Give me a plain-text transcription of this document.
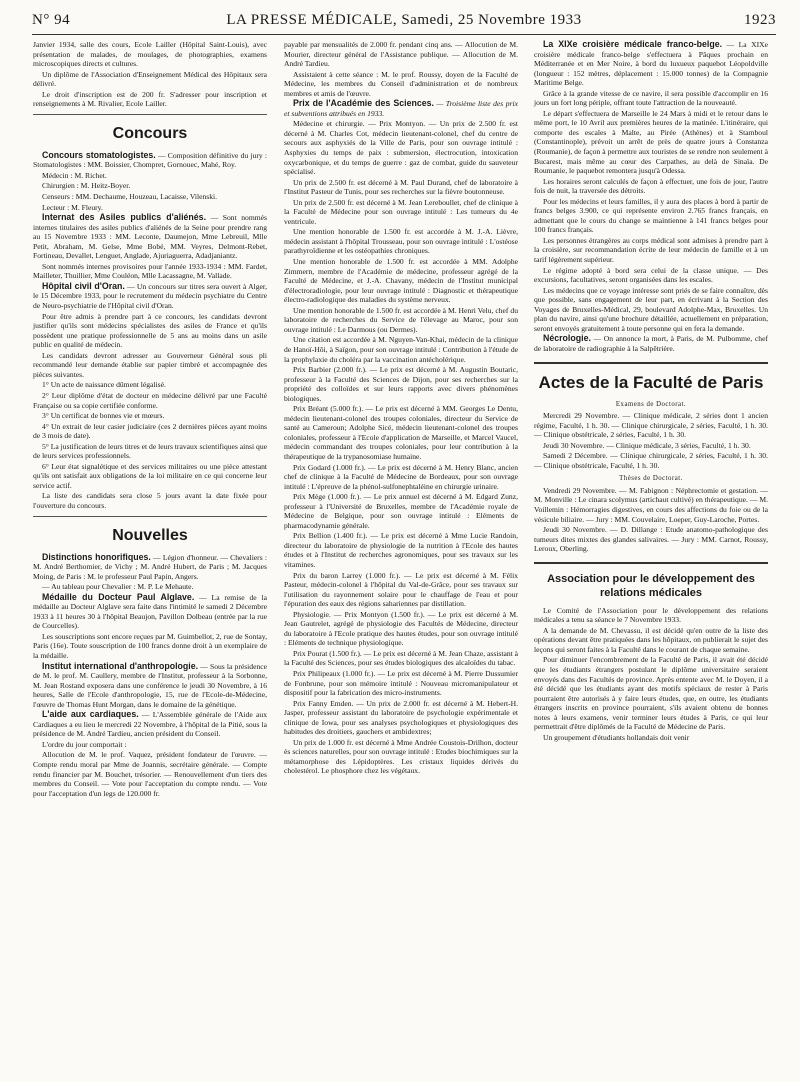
N° 94	LA PRESSE MÉDICALE, Samedi, 25 Novembre 1933	1923

Janvier 1934, salle des cours, Ecole Lailler (Hôpital Saint-Louis), avec présentation de malades, de moulages, de photographies, examens microscopiques directs et cultures.

Un diplôme de l'Association d'Enseignement Médical des Hôpitaux sera délivré.

Le droit d'inscription est de 200 fr. S'adresser pour inscription et renseignements à M. Rivalier, Ecole Lailler.

Concours

Concours stomatologistes. — Composition définitive du jury : Stomatologistes : MM. Boissier, Chompret, Gornouec, Mahé, Roy.

Médecin : M. Richet.

Chirurgien : M. Heitz-Boyer.

Censeurs : MM. Dechaume, Houzeau, Lacaisse, Vilenski.

Lecteur : M. Fleury.

Internat des Asiles publics d'aliénés. — Sont nommés internes titulaires des asiles publics d'aliénés de la Seine pour prendre rang au 15 Novembre 1933 : MM. Leconte, Daumejon, Mme Lebreuil, Mlle Petit, Abraham, M. Gelse, Mme Bobé, MM. Veyres, Delmont-Rebet, Fortineau, Devallet, Lenguet, Anglade, Ajuriaguerra, Adadjaniantz.

Sont nommés internes provisoires pour l'année 1933-1934 : MM. Fardet, Mailleter, Thuillier, Mme Couléon, Mlle Lacassagne, M. Vallade.

Hôpital civil d'Oran. — Un concours sur titres sera ouvert à Alger, le 15 Décembre 1933, pour le recrutement du médecin psychiatre du Centre de Neuro-psychiatrie de l'Hôpital civil d'Oran.

Pour être admis à prendre part à ce concours, les candidats devront justifier qu'ils sont médecins spécialistes des asiles de France et qu'ils possèdent une pratique professionnelle de 5 ans au moins dans un asile public en qualité de médecin.

Les candidats devront adresser au Gouverneur Général sous pli recommandé leur demande établie sur papier timbré et accompagnée des pièces suivantes.

1° Un acte de naissance dûment légalisé.

2° Leur diplôme d'état de docteur en médecine délivré par une Faculté Française ou sa copie certifiée conforme.

3° Un certificat de bonnes vie et mœurs.

4° Un extrait de leur casier judiciaire (ces 2 dernières pièces ayant moins de 3 mois de date).

5° La justification de leurs titres et de leurs travaux scientifiques ainsi que de leurs services professionnels.

6° Leur état signalétique et des services militaires ou une pièce attestant qu'ils ont satisfait aux obligations de la loi militaire en ce qui concerne leur service actif.

La liste des candidats sera close 5 jours avant la date fixée pour l'ouverture du concours.

Nouvelles

Distinctions honorifiques. — Légion d'honneur. — Chevaliers : M. André Berthomier, de Vichy ; M. André Hubert, de Paris ; M. Jacques Moing, de Paris : M. le professeur Paul Papin, Angers.

— Au tableau pour Chevalier : M. P. Le Mehaute.

Médaille du Docteur Paul Alglave. — La remise de la médaille au Docteur Alglave sera faite dans l'intimité le samedi 2 Décembre 1933 à 11 heures 30 à l'hôpital Beaujon, Pavillon Dolbeau (entrée par la rue de Courcelles).

Les souscriptions sont encore reçues par M. Guimbellot, 2, rue de Sontay, Paris (16e). Toute souscription de 100 francs donne droit à un exemplaire de la médaille.

Institut international d'anthropologie. — Sous la présidence de M. le prof. M. Caullery, membre de l'Institut, professeur à la Sorbonne, M. Jean Rostand exposera dans une conférence le jeudi 30 Novembre, à 16 heures, Salle de l'Ecole d'anthropologie, 15, rue de l'Ecole-de-Médecine, l'œuvre de Thomas Hunt Morgan, dans le domaine de la génétique.

L'aide aux cardiaques. — L'Assemblée générale de l'Aide aux Cardiaques a eu lieu le mercredi 22 Novembre, à l'hôpital de la Pitié, sous la présidence de M. André Tardieu, ancien président du Conseil.

L'ordre du jour comportait :

Allocution de M. le prof. Vaquez, président fondateur de l'œuvre. — Compte rendu moral par Mme de Joannis, secrétaire générale. — Compte rendu financier par M. Bouchet, trésorier. — Renouvellement d'un tiers des membres du Conseil. — Vote pour l'acceptation du compte rendu. — Vote pour l'acceptation d'un legs de 120.000 fr.

payable par mensualités de 2.000 fr. pendant cinq ans. — Allocution de M. Mourier, directeur général de l'Assistance publique. — Allocution de M. André Tardieu.

Assistaient à cette séance : M. le prof. Roussy, doyen de la Faculté de Médecine, les membres du Conseil d'administration et de nombreux membres et amis de l'œuvre.

Prix de l'Académie des Sciences. — Troisième liste des prix et subventions attribués en 1933.

Médecine et chirurgie. — Prix Montyon. — Un prix de 2.500 fr. est décerné à M. Charles Cot, médecin lieutenant-colonel, chef du centre de secours aux asphyxiés de la Ville de Paris, pour son ouvrage intitulé : Asphyxies du temps de paix : submersion, électrocution, intoxication oxycarbonique, et du temps de guerre : gaz de combat, guide du sauveteur spécialisé.

Un prix de 2.500 fr. est décerné à M. Paul Durand, chef de laboratoire à l'Institut Pasteur de Tunis, pour ses recherches sur la fièvre boutonneuse.

Un prix de 2.500 fr. est décerné à M. Jean Lereboullet, chef de clinique à la Faculté de Médecine pour son ouvrage intitulé : Les tumeurs du 4e ventricule.

Une mention honorable de 1.500 fr. est accordée à M. J.-A. Lièvre, médecin assistant à l'hôpital Trousseau, pour son ouvrage intitulé : L'ostéose parathyroïdienne et les ostéopathies chroniques.

Une mention honorable de 1.500 fr. est accordée à MM. Adolphe Zimmern, membre de l'Académie de médecine, professeur agrégé de la Faculté de Médecine, et J.-A. Chavany, médecin de l'Institut municipal d'électroradiologie, pour leur ouvrage intitulé : Diagnostic et thérapeutique électro-radiologique des maladies du système nerveux.

Une mention honorable de 1.500 fr. est accordée à M. Henri Velu, chef du laboratoire de recherches du Service de l'élevage au Maroc, pour son ouvrage intitulé : Le Darmous (ou Dermes).

Une citation est accordée à M. Nguyen-Van-Khai, médecin de la clinique de Hanoï-Hôi, à Saïgon, pour son ouvrage intitulé : Contribution à l'étude de la prophylaxie du choléra par la vaccination antécholérique.

Prix Barbier (2.000 fr.). — Le prix est décerné à M. Augustin Boutaric, professeur à la Faculté des Sciences de Dijon, pour ses recherches sur la propriété des colloïdes et sur leurs rapports avec divers phénomènes biologiques.

Prix Bréant (5.000 fr.). — Le prix est décerné à MM. Georges Le Dentu, médecin lieutenant-colonel des troupes coloniales, directeur du Service de santé au Cameroun; Adolphe Sicé, médecin lieutenant-colonel des troupes coloniales, professeur à l'Ecole d'application de Marseille, et Marcel Vaucel, médecin commandant des troupes coloniales, pour leur contribution à la thérapeutique de la trypanosomiase humaine.

Prix Godard (1.000 fr.). — Le prix est décerné à M. Henry Blanc, ancien chef de clinique à la Faculté de Médecine de Bordeaux, pour son ouvrage intitulé : L'épreuve de la phénol-sulfonephtaléine en chirurgie urinaire.

Prix Mège (1.000 fr.). — Le prix annuel est décerné à M. Edgard Zunz, professeur à l'Université de Bruxelles, membre de l'Académie royale de Médecine de Belgique, pour son ouvrage intitulé : Eléments de pharmacodynamie générale.

Prix Bellion (1.400 fr.). — Le prix est décerné à Mme Lucie Randoin, directeur du laboratoire de physiologie de la nutrition à l'Ecole des hautes études et à l'Institut de recherches agronomiques, pour ses travaux sur les vitamines.

Prix du baron Larrey (1.000 fr.). — Le prix est décerné à M. Félix Pasteur, médecin-colonel à l'hôpital du Val-de-Grâce, pour ses travaux sur l'utilisation du rayonnement solaire pour le chauffage de l'eau et pour l'épuration des eaux des régions sahariennes par distillation.

Physiologie. — Prix Montyon (1.500 fr.). — Le prix est décerné à M. Jean Gautrelet, agrégé de physiologie des Facultés de Médecine, directeur du laboratoire à l'Ecole pratique des hautes études, pour son ouvrage intitulé : Eléments de technique physiologique.

Prix Pourat (1.500 fr.). — Le prix est décerné à M. Jean Chaze, assistant à la Faculté des Sciences, pour ses études biologiques des alcaloïdes du tabac.

Prix Philipeaux (1.000 fr.). — Le prix est décerné à M. Pierre Dussumier de Fonbrune, pour son mémoire intitulé : Nouveau micromanipulateur et dispositif pour la fabrication des micro-instruments.

Prix Fanny Emden. — Un prix de 2.000 fr. est décerné à M. Hebert-H. Jasper, professeur assistant du laboratoire de psychologie expérimentale et clinique de Iowa, pour ses analyses psychologiques et physiologiques des habitudes des droitiers, gauchers et ambidextres;

Un prix de 1.000 fr. est décerné à Mme Andrée Coustois-Drilhon, docteur ès sciences naturelles, pour son ouvrage intitulé : Etudes biochimiques sur la métamorphose des Lépidoptères. Les cristaux liquides dérivés du cholestérol. Le phosphore chez les végétaux.

La XIXe croisière médicale franco-belge. — La XIXe croisière médicale franco-belge s'effectuera à Pâques prochain en Méditerranée et en Mer Noire, à bord du luxueux paquebot Léopoldville (longueur : 152 mètres, déplacement : 15.000 tonnes) de la Compagnie Maritime Belge.

Grâce à la grande vitesse de ce navire, il sera possible d'accomplir en 16 jours un fort long périple, offrant toute l'attraction de la nouveauté.

Le départ s'effectuera de Marseille le 24 Mars à midi et le retour dans le même port, le 10 Avril aux premières heures de la matinée. L'itinéraire, qui comporte des escales à Malte, au Pirée (Athènes) et à Stamboul (Constantinople), prévoit un arrêt de près de quatre jours à Constanza (Roumanie), de façon à permettre aux touristes de se rendre non seulement à Bucarest, mais même au cœur des Carpathes, au delà de Sinaïa. De Roumanie, le paquebot remontera jusqu'à Odessa.

Les horaires seront calculés de façon à effectuer, une fois de jour, l'autre fois de nuit, la traversée des détroits.

Pour les médecins et leurs familles, il y aura des places à bord à partir de francs belges 3.900, ce qui représente environ 2.765 francs français, en admettant que le cours du change se maintienne à 141 francs belges pour 100 francs français.

Les personnes étrangères au corps médical sont admises à prendre part à la croisière, sur recommandation écrite de leur médecin de famille et à un tarif légèrement supérieur.

Le régime adopté à bord sera celui de la classe unique. — Des excursions, facultatives, seront organisées dans les escales.

Les médecins que ce voyage intéresse sont priés de se faire connaître, dès que possible, sans engagement de leur part, en écrivant à la Section des Voyages de Bruxelles-Médical, 29, boulevard Adolphe-Max, Bruxelles. Un plan du navire, ainsi qu'une brochure détaillée, actuellement en préparation, seront envoyés gratuitement à toute personne qui en fera la demande.

Nécrologie. — On annonce la mort, à Paris, de M. Pulbomme, chef de laboratoire de radiographie à la Salpêtrière.

Actes de la Faculté de Paris
Examens de Doctorat.

Mercredi 29 Novembre. — Clinique médicale, 2 séries dont 1 ancien régime, Faculté, 1 h. 30. — Clinique chirurgicale, 2 séries, Faculté, 1 h. 30. — Clinique obstétricale, 2 séries, Faculté, 1 h. 30.

Jeudi 30 Novembre. — Clinique médicale, 3 séries, Faculté, 1 h. 30.

Samedi 2 Décembre. — Clinique chirurgicale, 2 séries, Faculté, 1 h. 30. — Clinique obstétricale, Faculté, 1 h. 30.

Thèses de Doctorat.

Vendredi 29 Novembre. — M. Fabignon : Néphrectomie et gestation. — M. Monville : Le cinara scolymus (artichaut cultivé) en thérapeutique. — M. Voillemin : Hémorragies digestives, en cours des affections du foie ou de la vésicule biliaire. — Jury : MM. Couvelaire, Loeper, Guy-Laroche, Portes.

Jeudi 30 Novembre. — D. Dillange : Etude anatomo-pathologique des tumeurs dites mixtes des glandes salivaires. — Jury : MM. Carnot, Roussy, Leroux, Oberling.

Association pour le développement des relations médicales

Le Comité de l'Association pour le développement des relations médicales a tenu sa séance le 7 Novembre 1933.

A la demande de M. Chevassu, il est décidé qu'en outre de la liste des opérations devant être pratiquées dans les hôpitaux, on publierait le sujet des leçons qui seront faites à la Faculté dans le courant de chaque semaine.

Pour diminuer l'encombrement de la Faculté de Paris, il avait été décidé que les étudiants étrangers postulant le diplôme universitaire seraient envoyés dans des Facultés de province. Après entente avec M. le Doyen, il a été décidé que les étudiants ayant des motifs spéciaux de rester à Paris pourraient être autorisés à y faire leurs études, que, en outre, les étudiants étrangers inscrits en province pourraient, s'ils avaient obtenu de bonnes notes à leurs examens, venir terminer leurs études à Paris, ce qui leur permettrait d'être diplômés de la Faculté de Médecine de Paris.

Un groupement d'étudiants hollandais doit venir
